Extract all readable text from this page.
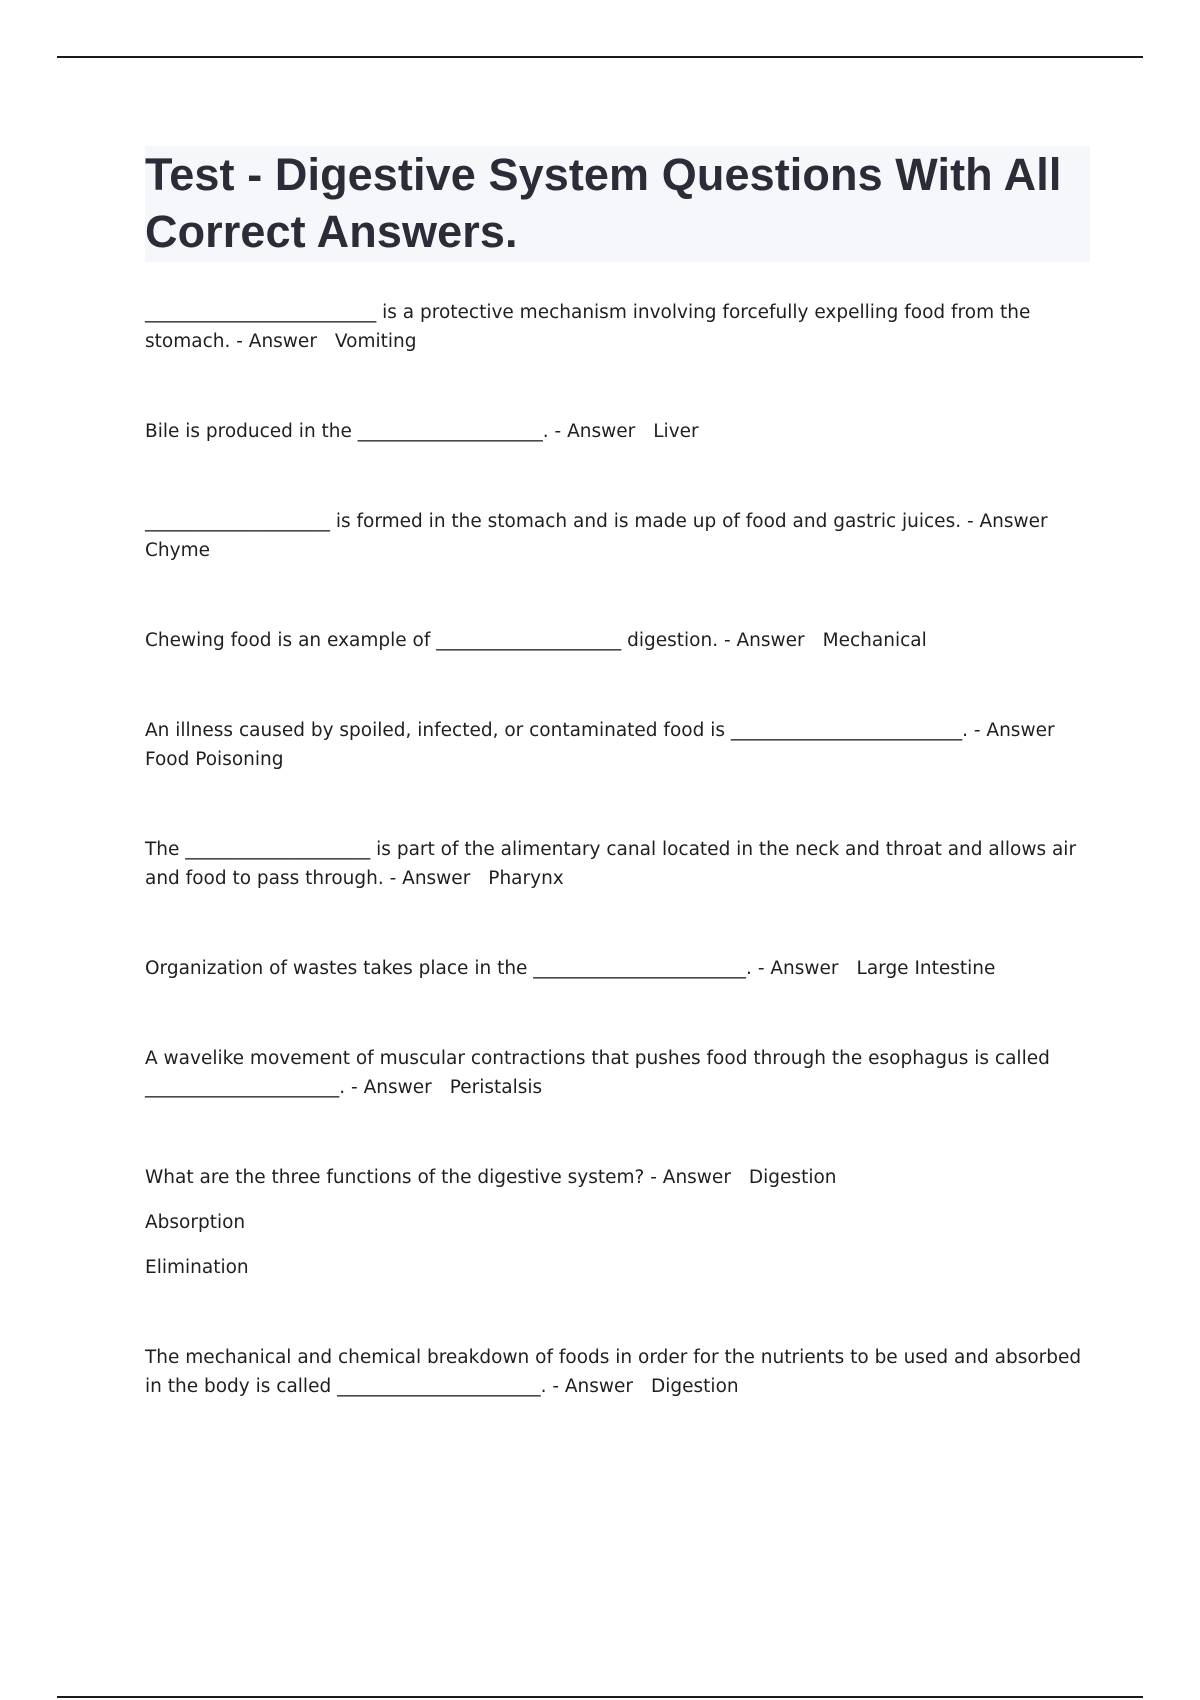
Test - Digestive System Questions With All Correct Answers.

_________________________ is a protective mechanism involving forcefully expelling food from the stomach. - Answer Vomiting

Bile is produced in the ____________________. - Answer Liver

____________________ is formed in the stomach and is made up of food and gastric juices. - AnswerChyme

Chewing food is an example of ____________________ digestion. - Answer Mechanical

An illness caused by spoiled, infected, or contaminated food is _________________________. - AnswerFood Poisoning

The ____________________ is part of the alimentary canal located in the neck and throat and allows air and food to pass through. - Answer Pharynx

Organization of wastes takes place in the _______________________. - Answer Large Intestine

A wavelike movement of muscular contractions that pushes food through the esophagus is called _____________________. - Answer Peristalsis

What are the three functions of the digestive system? - Answer Digestion

Absorption

Elimination

The mechanical and chemical breakdown of foods in order for the nutrients to be used and absorbed in the body is called ______________________. - Answer Digestion
